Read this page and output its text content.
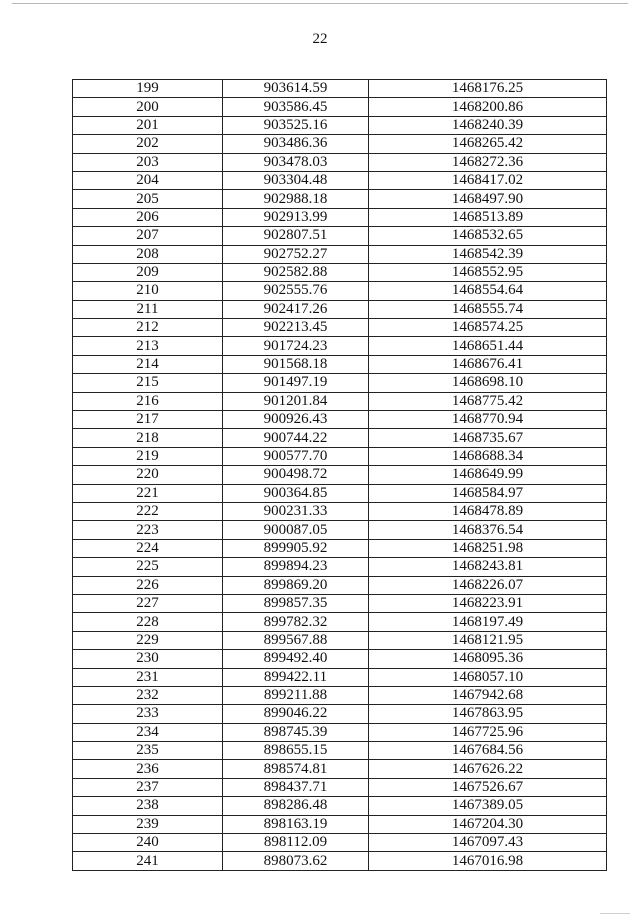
22
199	903614.59	1468176.25
200	903586.45	1468200.86
201	903525.16	1468240.39
202	903486.36	1468265.42
203	903478.03	1468272.36
204	903304.48	1468417.02
205	902988.18	1468497.90
206	902913.99	1468513.89
207	902807.51	1468532.65
208	902752.27	1468542.39
209	902582.88	1468552.95
210	902555.76	1468554.64
211	902417.26	1468555.74
212	902213.45	1468574.25
213	901724.23	1468651.44
214	901568.18	1468676.41
215	901497.19	1468698.10
216	901201.84	1468775.42
217	900926.43	1468770.94
218	900744.22	1468735.67
219	900577.70	1468688.34
220	900498.72	1468649.99
221	900364.85	1468584.97
222	900231.33	1468478.89
223	900087.05	1468376.54
224	899905.92	1468251.98
225	899894.23	1468243.81
226	899869.20	1468226.07
227	899857.35	1468223.91
228	899782.32	1468197.49
229	899567.88	1468121.95
230	899492.40	1468095.36
231	899422.11	1468057.10
232	899211.88	1467942.68
233	899046.22	1467863.95
234	898745.39	1467725.96
235	898655.15	1467684.56
236	898574.81	1467626.22
237	898437.71	1467526.67
238	898286.48	1467389.05
239	898163.19	1467204.30
240	898112.09	1467097.43
241	898073.62	1467016.98
